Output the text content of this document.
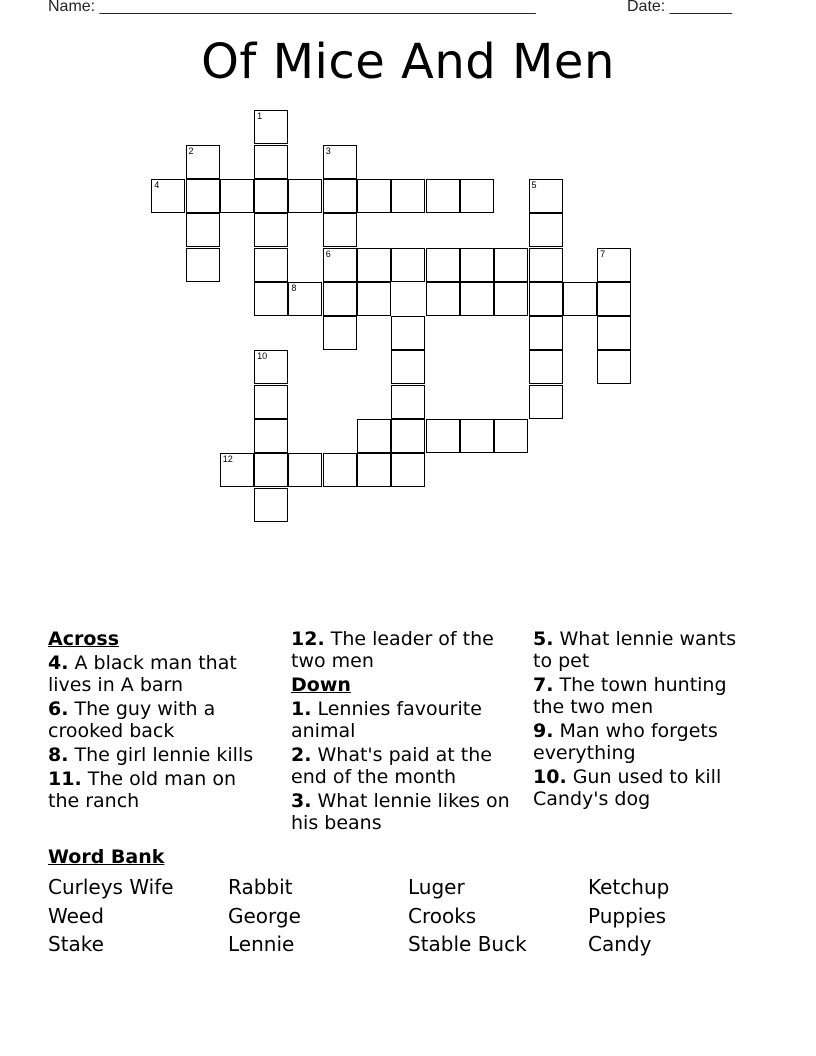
Name: _________________________________________________	Date: _______
Of Mice And Men
1
2	3
6
4	5
7
8
10
12
Across
4. A black man that lives in A barn
6. The guy with a crooked back
8. The girl lennie kills
11. The old man on the ranch
12. The leader of the two men
Down
1. Lennies favourite animal
2. What's paid at the end of the month
3. What lennie likes on his beans
5. What lennie wants to pet
7. The town hunting the two men
9. Man who forgets everything
10. Gun used to kill Candy's dog
Word Bank
Curleys Wife	Rabbit	Luger	Ketchup
Weed	George	Crooks	Puppies
Stake	Lennie	Stable Buck	Candy
